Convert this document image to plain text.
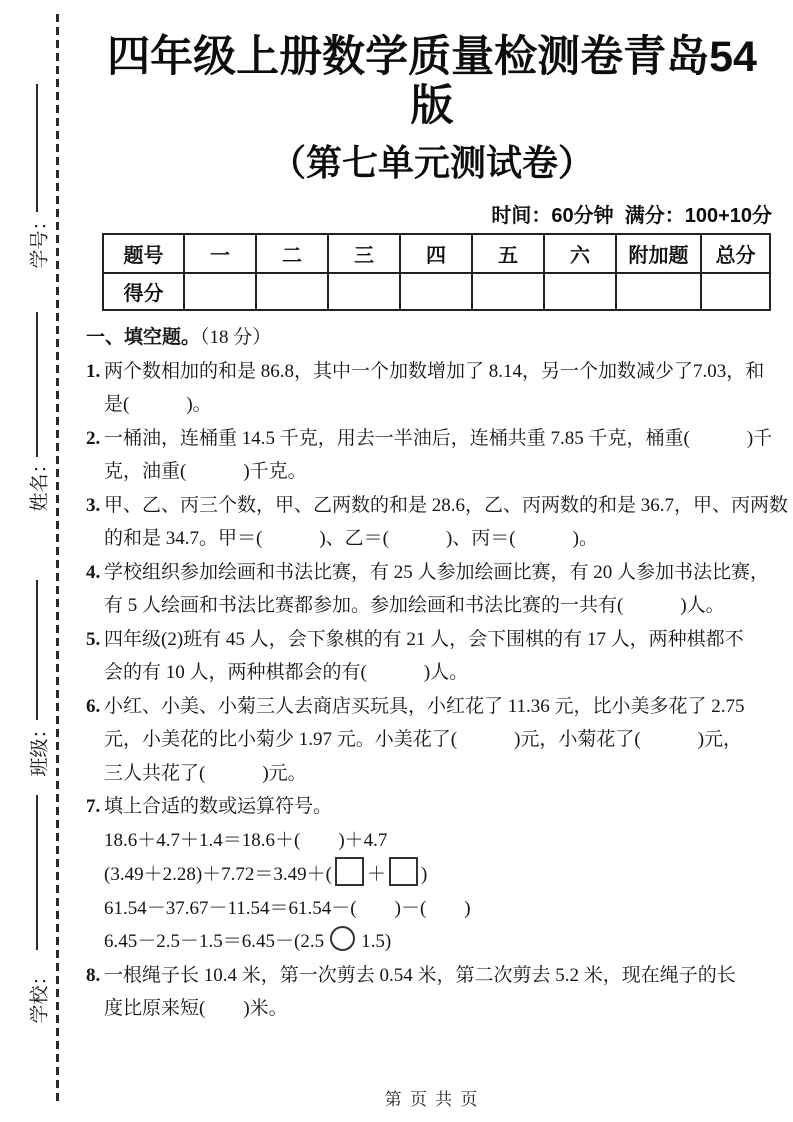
学号：
姓名：
班级：
学校：
四年级上册数学质量检测卷青岛54版
（第七单元测试卷）
时间：60分钟  满分：100+10分
题号	一	二	三	四	五	六	附加题	总分
得分								
一、填空题。（18 分）
1. 两个数相加的和是 86.8，其中一个加数增加了 8.14，另一个加数减少了7.03，和
是(　　　)。
2. 一桶油，连桶重 14.5 千克，用去一半油后，连桶共重 7.85 千克，桶重(　　　)千
克，油重(　　　)千克。
3. 甲、乙、丙三个数，甲、乙两数的和是 28.6，乙、丙两数的和是 36.7，甲、丙两数
的和是 34.7。甲＝(　　　)、乙＝(　　　)、丙＝(　　　)。
4. 学校组织参加绘画和书法比赛，有 25 人参加绘画比赛，有 20 人参加书法比赛，
有 5 人绘画和书法比赛都参加。参加绘画和书法比赛的一共有(　　　)人。
5. 四年级(2)班有 45 人，会下象棋的有 21 人，会下围棋的有 17 人，两种棋都不
会的有 10 人，两种棋都会的有(　　　)人。
6. 小红、小美、小菊三人去商店买玩具，小红花了 11.36 元，比小美多花了 2.75
元，小美花的比小菊少 1.97 元。小美花了(　　　)元，小菊花了(　　　)元，
三人共花了(　　　)元。
7. 填上合适的数或运算符号。
18.6＋4.7＋1.4＝18.6＋(　　)＋4.7
(3.49＋2.28)＋7.72＝3.49＋( ＋ )
61.54－37.67－11.54＝61.54－(　　)－(　　)
6.45－2.5－1.5＝6.45－(2.5 1.5)
8. 一根绳子长 10.4 米，第一次剪去 0.54 米，第二次剪去 5.2 米，现在绳子的长
度比原来短(　　)米。
第 页 共 页
